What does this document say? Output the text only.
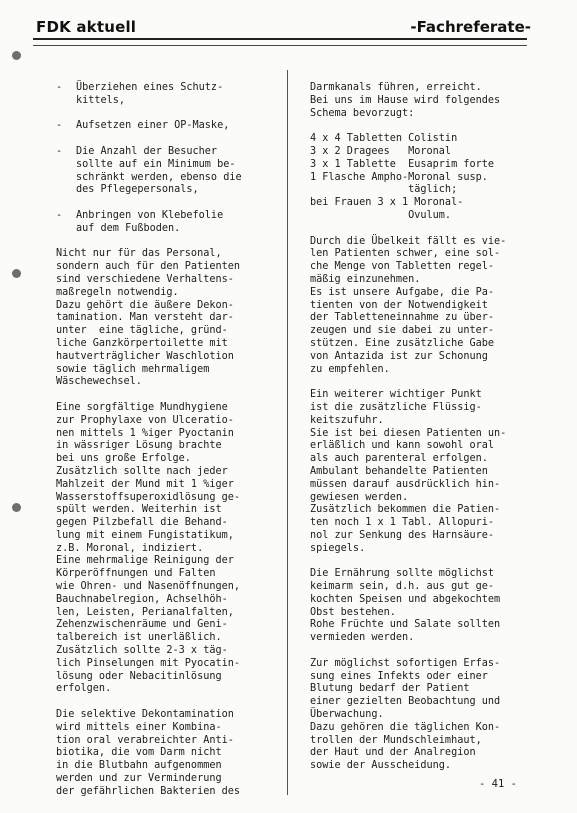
FDK aktuell	-Fachreferate-
-	Überziehen eines Schutz-
kittels,
-	Aufsetzen einer OP-Maske,
-	Die Anzahl der Besucher
sollte auf ein Minimum be-
schränkt werden, ebenso die
des Pflegepersonals,
-	Anbringen von Klebefolie
auf dem Fußboden.

Nicht nur für das Personal,
sondern auch für den Patienten
sind verschiedene Verhaltens-
maßregeln notwendig.
Dazu gehört die äußere Dekon-
tamination. Man versteht dar-
unter  eine tägliche, gründ-
liche Ganzkörpertoilette mit
hautverträglicher Waschlotion
sowie täglich mehrmaligem
Wäschewechsel.

Eine sorgfältige Mundhygiene
zur Prophylaxe von Ulceratio-
nen mittels 1 %iger Pyoctanin
in wässriger Lösung brachte
bei uns große Erfolge.
Zusätzlich sollte nach jeder
Mahlzeit der Mund mit 1 %iger
Wasserstoffsuperoxidlösung ge-
spült werden. Weiterhin ist
gegen Pilzbefall die Behand-
lung mit einem Fungistatikum,
z.B. Moronal, indiziert.
Eine mehrmalige Reinigung der
Körperöffnungen und Falten
wie Ohren- und Nasenöffnungen,
Bauchnabelregion, Achselhöh-
len, Leisten, Perianalfalten,
Zehenzwischenräume und Geni-
talbereich ist unerläßlich.
Zusätzlich sollte 2-3 x täg-
lich Pinselungen mit Pyocatin-
lösung oder Nebacitinlösung
erfolgen.

Die selektive Dekontamination
wird mittels einer Kombina-
tion oral verabreichter Anti-
biotika, die vom Darm nicht
in die Blutbahn aufgenommen
werden und zur Verminderung
der gefährlichen Bakterien des

Darmkanals führen, erreicht.
Bei uns im Hause wird folgendes
Schema bevorzugt:

4 x 4 Tabletten Colistin
3 x 2 Dragees   Moronal
3 x 1 Tablette  Eusaprim forte
1 Flasche Ampho-Moronal susp.
täglich;
bei Frauen 3 x 1 Moronal-
Ovulum.

Durch die Übelkeit fällt es vie-
len Patienten schwer, eine sol-
che Menge von Tabletten regel-
mäßig einzunehmen.
Es ist unsere Aufgabe, die Pa-
tienten von der Notwendigkeit
der Tabletteneinnahme zu über-
zeugen und sie dabei zu unter-
stützen. Eine zusätzliche Gabe
von Antazida ist zur Schonung
zu empfehlen.

Ein weiterer wichtiger Punkt
ist die zusätzliche Flüssig-
keitszufuhr.
Sie ist bei diesen Patienten un-
erläßlich und kann sowohl oral
als auch parenteral erfolgen.
Ambulant behandelte Patienten
müssen darauf ausdrücklich hin-
gewiesen werden.
Zusätzlich bekommen die Patien-
ten noch 1 x 1 Tabl. Allopuri-
nol zur Senkung des Harnsäure-
spiegels.

Die Ernährung sollte möglichst
keimarm sein, d.h. aus gut ge-
kochten Speisen und abgekochtem
Obst bestehen.
Rohe Früchte und Salate sollten
vermieden werden.

Zur möglichst sofortigen Erfas-
sung eines Infekts oder einer
Blutung bedarf der Patient
einer gezielten Beobachtung und
Überwachung.
Dazu gehören die täglichen Kon-
trollen der Mundschleimhaut,
der Haut und der Analregion
sowie der Ausscheidung.

- 41 -
